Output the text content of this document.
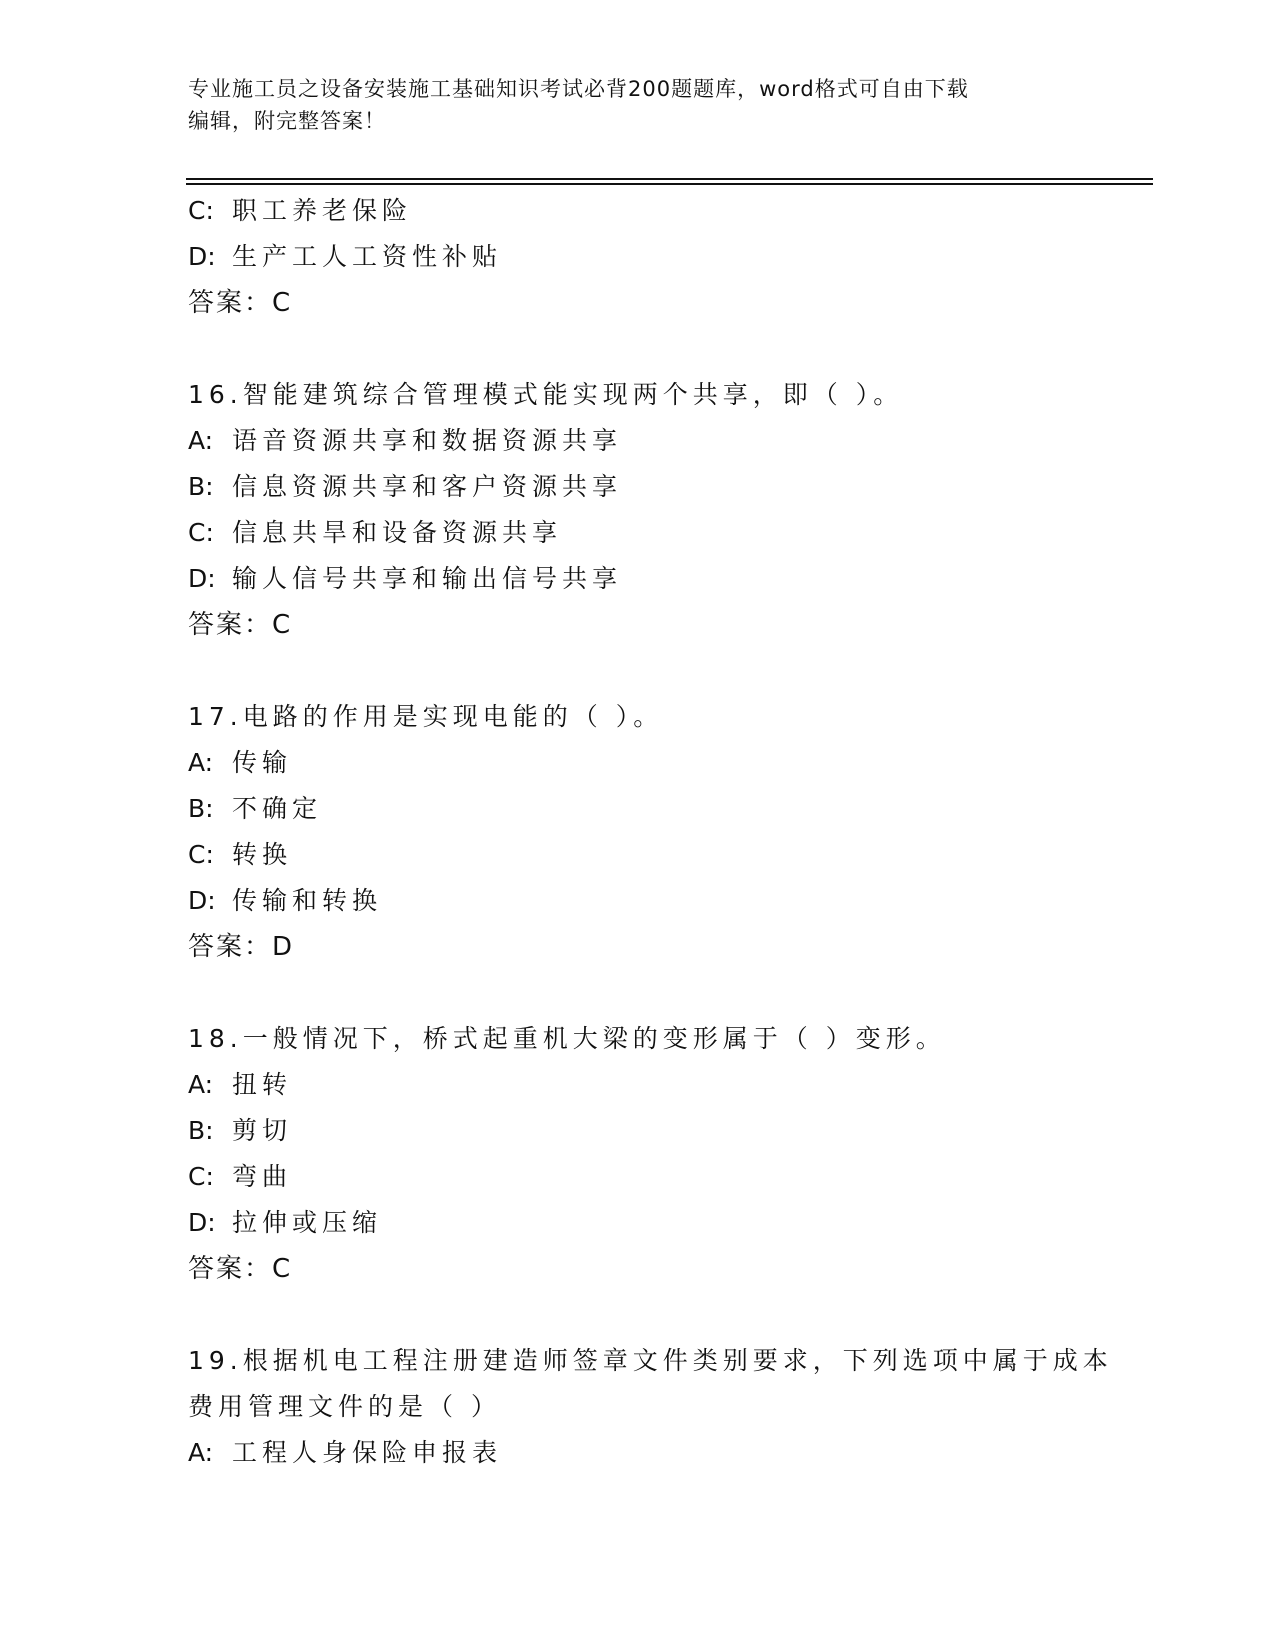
专业施工员之设备安装施工基础知识考试必背200题题库，word格式可自由下载
编辑，附完整答案！
C: 职工养老保险
D: 生产工人工资性补贴
答案：C
16.智能建筑综合管理模式能实现两个共享，即（ ）。
A: 语音资源共享和数据资源共享
B: 信息资源共享和客户资源共享
C: 信息共旱和设备资源共享
D: 输人信号共享和输出信号共享
答案：C
17.电路的作用是实现电能的（ ）。
A: 传输
B: 不确定
C: 转换
D: 传输和转换
答案：D
18.一般情况下，桥式起重机大梁的变形属于（ ）变形。
A: 扭转
B: 剪切
C: 弯曲
D: 拉伸或压缩
答案：C
19.根据机电工程注册建造师签章文件类别要求，下列选项中属于成本
费用管理文件的是（ ）
A: 工程人身保险申报表
